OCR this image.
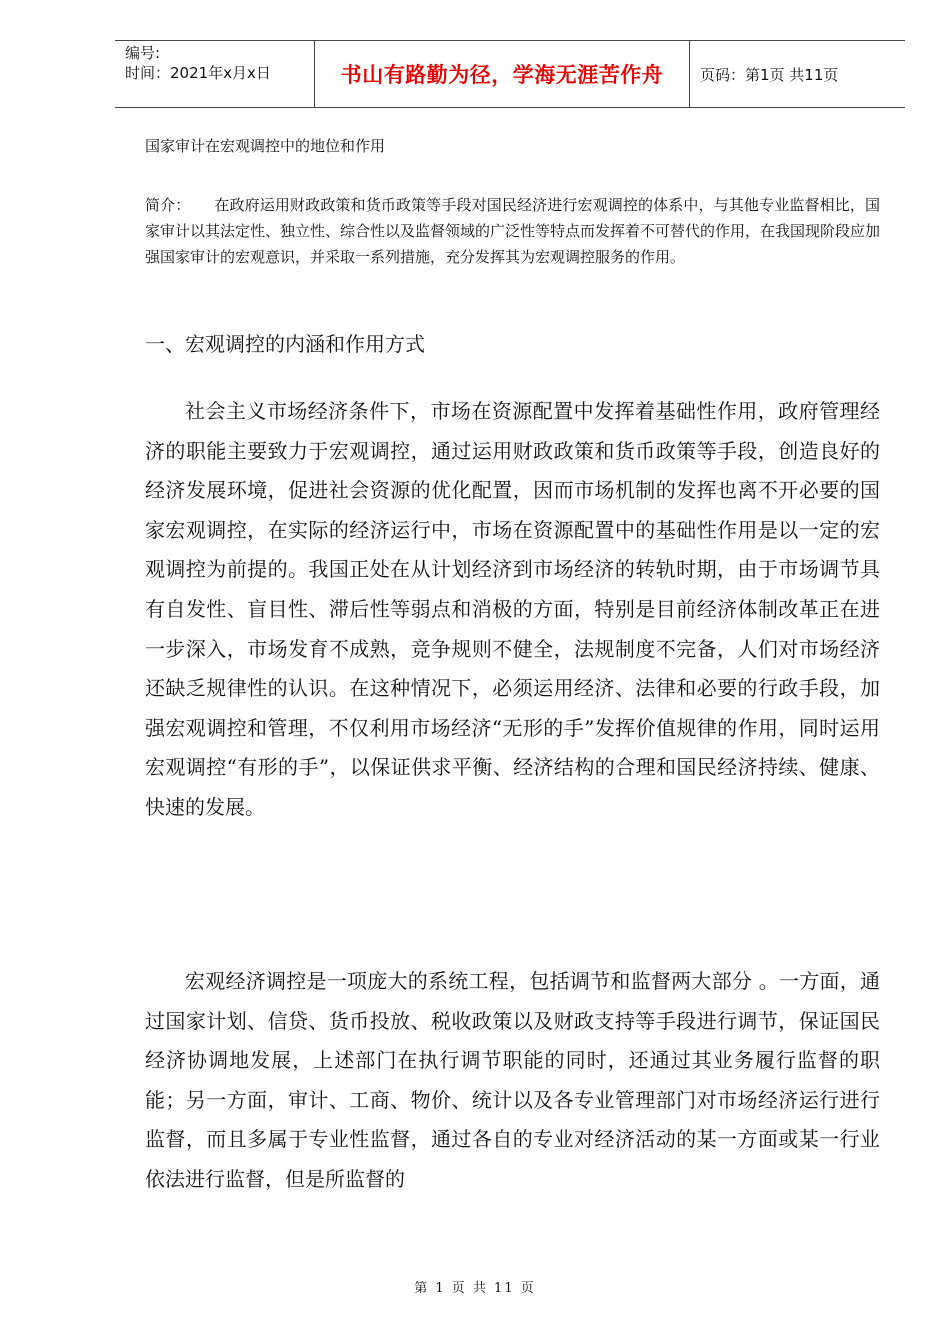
编号:
时间：2021年x月x日	书山有路勤为径，学海无涯苦作舟	页码：第1页 共11页
国家审计在宏观调控中的地位和作用
简介： 在政府运用财政政策和货币政策等手段对国民经济进行宏观调控的体系中，与其他专业监督相比，国家审计以其法定性、独立性、综合性以及监督领域的广泛性等特点而发挥着不可替代的作用，在我国现阶段应加强国家审计的宏观意识，并采取一系列措施，充分发挥其为宏观调控服务的作用。
一、宏观调控的内涵和作用方式
社会主义市场经济条件下，市场在资源配置中发挥着基础性作用，政府管理经济的职能主要致力于宏观调控，通过运用财政政策和货币政策等手段，创造良好的经济发展环境，促进社会资源的优化配置，因而市场机制的发挥也离不开必要的国家宏观调控，在实际的经济运行中，市场在资源配置中的基础性作用是以一定的宏观调控为前提的。我国正处在从计划经济到市场经济的转轨时期，由于市场调节具有自发性、盲目性、滞后性等弱点和消极的方面，特别是目前经济体制改革正在进一步深入，市场发育不成熟，竞争规则不健全，法规制度不完备，人们对市场经济还缺乏规律性的认识。在这种情况下，必须运用经济、法律和必要的行政手段，加强宏观调控和管理，不仅利用市场经济“无形的手”发挥价值规律的作用，同时运用宏观调控“有形的手”，以保证供求平衡、经济结构的合理和国民经济持续、健康、快速的发展。
宏观经济调控是一项庞大的系统工程，包括调节和监督两大部分 。一方面，通过国家计划、信贷、货币投放、税收政策以及财政支持等手段进行调节，保证国民经济协调地发展，上述部门在执行调节职能的同时，还通过其业务履行监督的职能；另一方面，审计、工商、物价、统计以及各专业管理部门对市场经济运行进行监督，而且多属于专业性监督，通过各自的专业对经济活动的某一方面或某一行业依法进行监督，但是所监督的
第 1 页 共 11 页
